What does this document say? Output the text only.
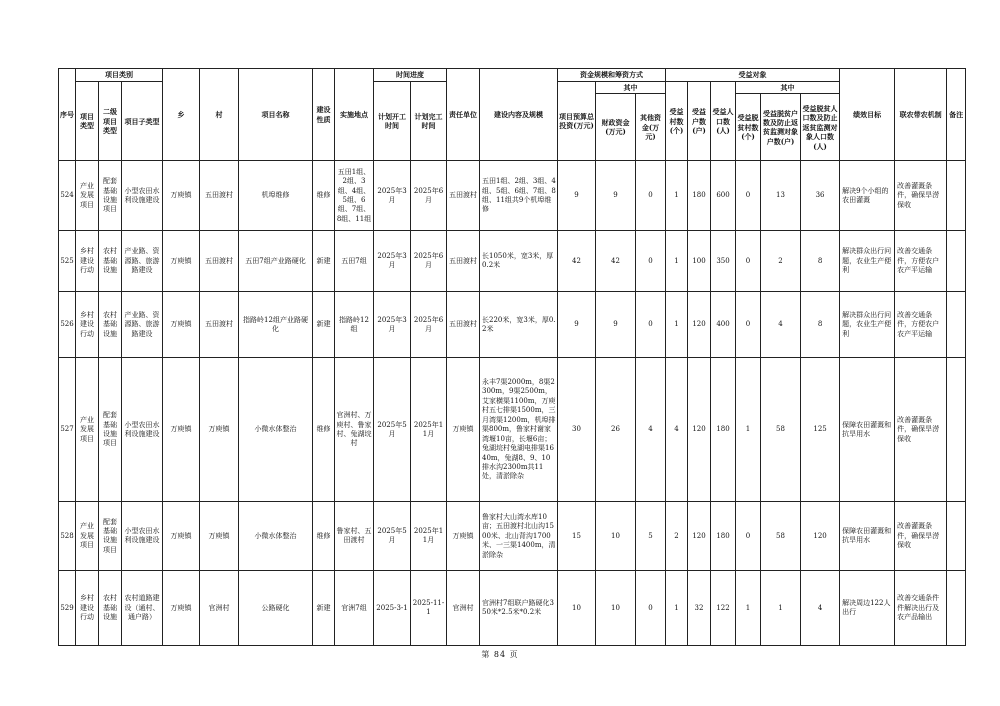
序号	项目类别			乡	村	项目名称	建设性质	实施地点	时间进度		责任单位	建设内容及规模	资金规模和筹资方式			受益对象						绩效目标	联农带农机制	备注
	项目类型	二级项目类型	项目子类型						计划开工时间	计划完工时间			项目预算总投资(万元)	其中		受益村数(个)	受益户数(户)	受益人口数(人)	其中					
														财政资金(万元)	其他资金(万元)				受益脱贫村数(个)	受益脱贫户数及防止返贫监测对象户数(户)	受益脱贫人口数及防止返贫监测对象人口数(人)			
524	产业发展项目	配套基础设施项目	小型农田水利设施建设	万庾镇	五田渡村	机埠维修	维修	五田1组、2组、3组、4组、5组、6组、7组、8组、11组	2025年3月	2025年6月	五田渡村	五田1组、2组、3组、4组、5组、6组、7组、8组、11组共9个机埠维修	9	9	0	1	180	600	0	13	36	解决9个小组的农田灌溉	改善灌溉条件，确保旱涝保收	
525	乡村建设行动	农村基础设施	产业路、资源路、旅游路建设	万庾镇	五田渡村	五田7组产业路硬化	新建	五田7组	2025年3月	2025年6月	五田渡村	长1050米，宽3米，厚0.2米	42	42	0	1	100	350	0	2	8	解决群众出行问题，农业生产便利	改善交通条件，方便农户农产平运输	
526	乡村建设行动	农村基础设施	产业路、资源路、旅游路建设	万庾镇	五田渡村	指路岭12组产业路硬化	新建	指路岭12组	2025年3月	2025年6月	五田渡村	长220米，宽3米，厚0.2米	9	9	0	1	120	400	0	4	8	解决群众出行问题，农业生产便利	改善交通条件，方便农户农产平运输	
527	产业发展项目	配套基础设施项目	小型农田水利设施建设	万庾镇	万庾镇	小微水体整治	维修	官洲村、万庾村、鲁家村、兔湖垸村	2025年5月	2025年11月	万庾镇	永丰7渠2000m，8渠2300m，9渠2500m，艾家横渠1100m，万庾村五七排渠1500m，三月湾渠1200m，机埠排渠800m，鲁家村谢家湾堰10亩，长堰6亩；兔湖垸村兔湖电排渠1640m，兔湖8、9、10排水沟2300m共11处，清淤除杂	30	26	4	4	120	180	1	58	125	保障农田灌溉和抗旱用水	改善灌溉条件，确保旱涝保收	
528	产业发展项目	配套基础设施项目	小型农田水利设施建设	万庾镇	万庾镇	小微水体整治	维修	鲁家村、五田渡村	2025年5月	2025年11月	万庾镇	鲁家村大山湾水库10亩；五田渡村北山沟1500米、北山背沟1700米、一三渠1400m，清淤除杂	15	10	5	2	120	180	0	58	120	保障农田灌溉和抗旱用水	改善灌溉条件，确保旱涝保收	
529	乡村建设行动	农村基础设施	农村道路建设（通村、通户路）	万庾镇	官洲村	公路硬化	新建	官洲7组	2025-3-1	2025-11-1	官洲村	官洲村7组联户路硬化350米*2.5米*0.2米	10	10	0	1	32	122	1	1	4	解决周边122人出行	改善交通条件件解决出行及农产品输出	
第 84 页
